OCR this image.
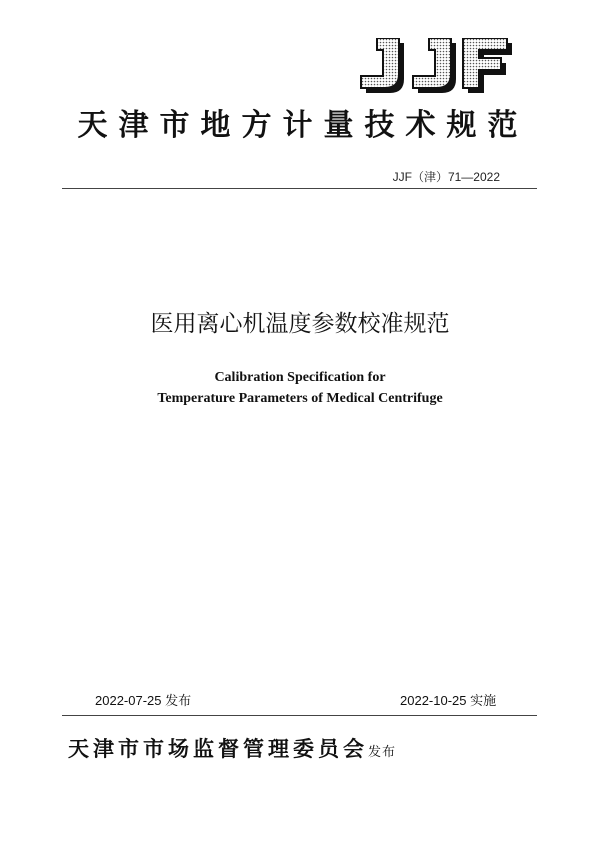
天津市地方计量技术规范
JJF（津）71—2022
医用离心机温度参数校准规范
Calibration Specification for
Temperature Parameters of Medical Centrifuge
2022-07-25 发布	2022-10-25 实施
天津市市场监督管理委员会发布
